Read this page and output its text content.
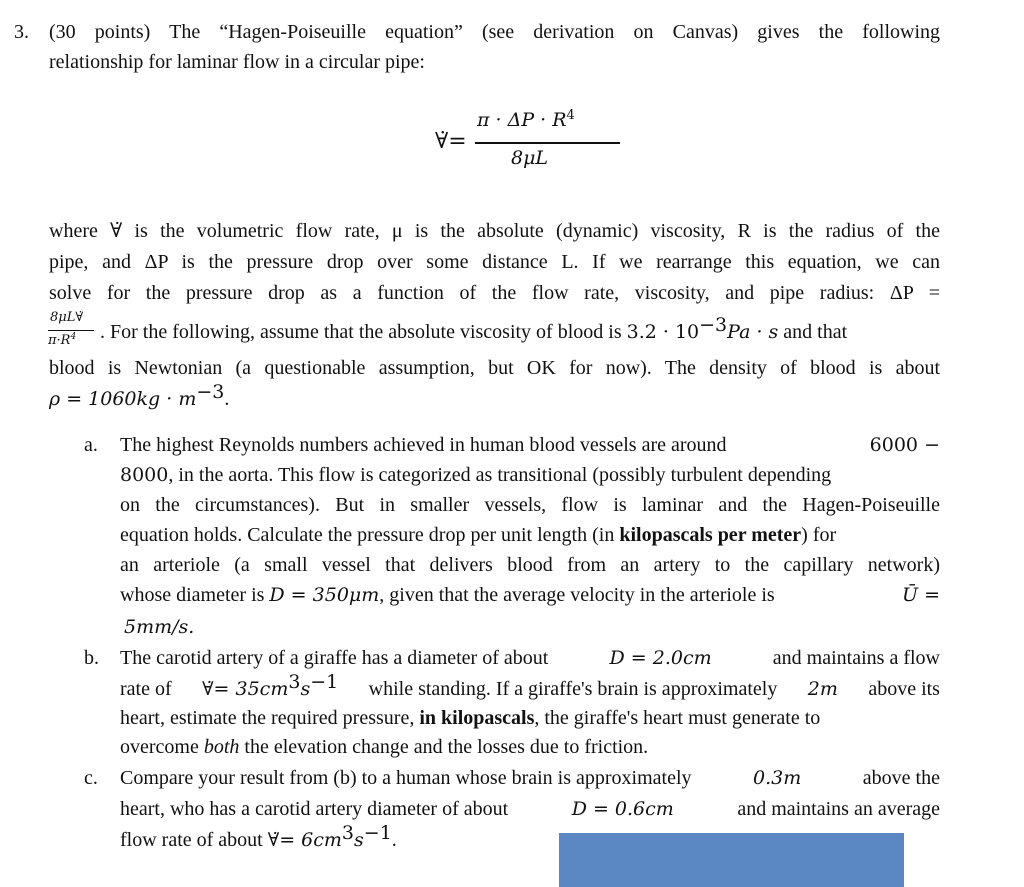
3. (30 points) The “Hagen-Poiseuille equation” (see derivation on Canvas) gives the following
relationship for laminar flow in a circular pipe:
∀̇=
$\pi \cdot \Delta P \cdot R^4$
8μL
where ∀̇ is the volumetric flow rate, μ is the absolute (dynamic) viscosity, R is the radius of the
pipe, and ΔP is the pressure drop over some distance L. If we rearrange this equation, we can
solve for the pressure drop as a function of the flow rate, viscosity, and pipe radius: ΔP =
8μL∀̇
$\pi\cdot R^4$ . For the following, assume that the absolute viscosity of blood is $3.2 \cdot 10^{-3}Pa \cdot s$ and that
blood is Newtonian (a questionable assumption, but OK for now). The density of blood is about
$\rho = 1060kg \cdot m^{-3}$.
a. The highest Reynolds numbers achieved in human blood vessels are around	6000 −
8000, in the aorta. This flow is categorized as transitional (possibly turbulent depending
on the circumstances). But in smaller vessels, flow is laminar and the Hagen-Poiseuille
equation holds. Calculate the pressure drop per unit length (in kilopascals per meter) for
an arteriole (a small vessel that delivers blood from an artery to the capillary network)
whose diameter is D = 350μm, given that the average velocity in the arteriole is	Ū =
5mm/s.
b. The carotid artery of a giraffe has a diameter of about	D = 2.0cm	and maintains a flow
rate of ∀̇= $35cm^3s^{-1}$ while standing. If a giraffe's brain is approximately 2m above its
heart, estimate the required pressure, in kilopascals, the giraffe's heart must generate to
overcome both the elevation change and the losses due to friction.
c. Compare your result from (b) to a human whose brain is approximately	0.3m	above the
heart, who has a carotid artery diameter of about	D = 0.6cm	and maintains an average
flow rate of about ∀̇= $6cm^3s^{-1}$.
